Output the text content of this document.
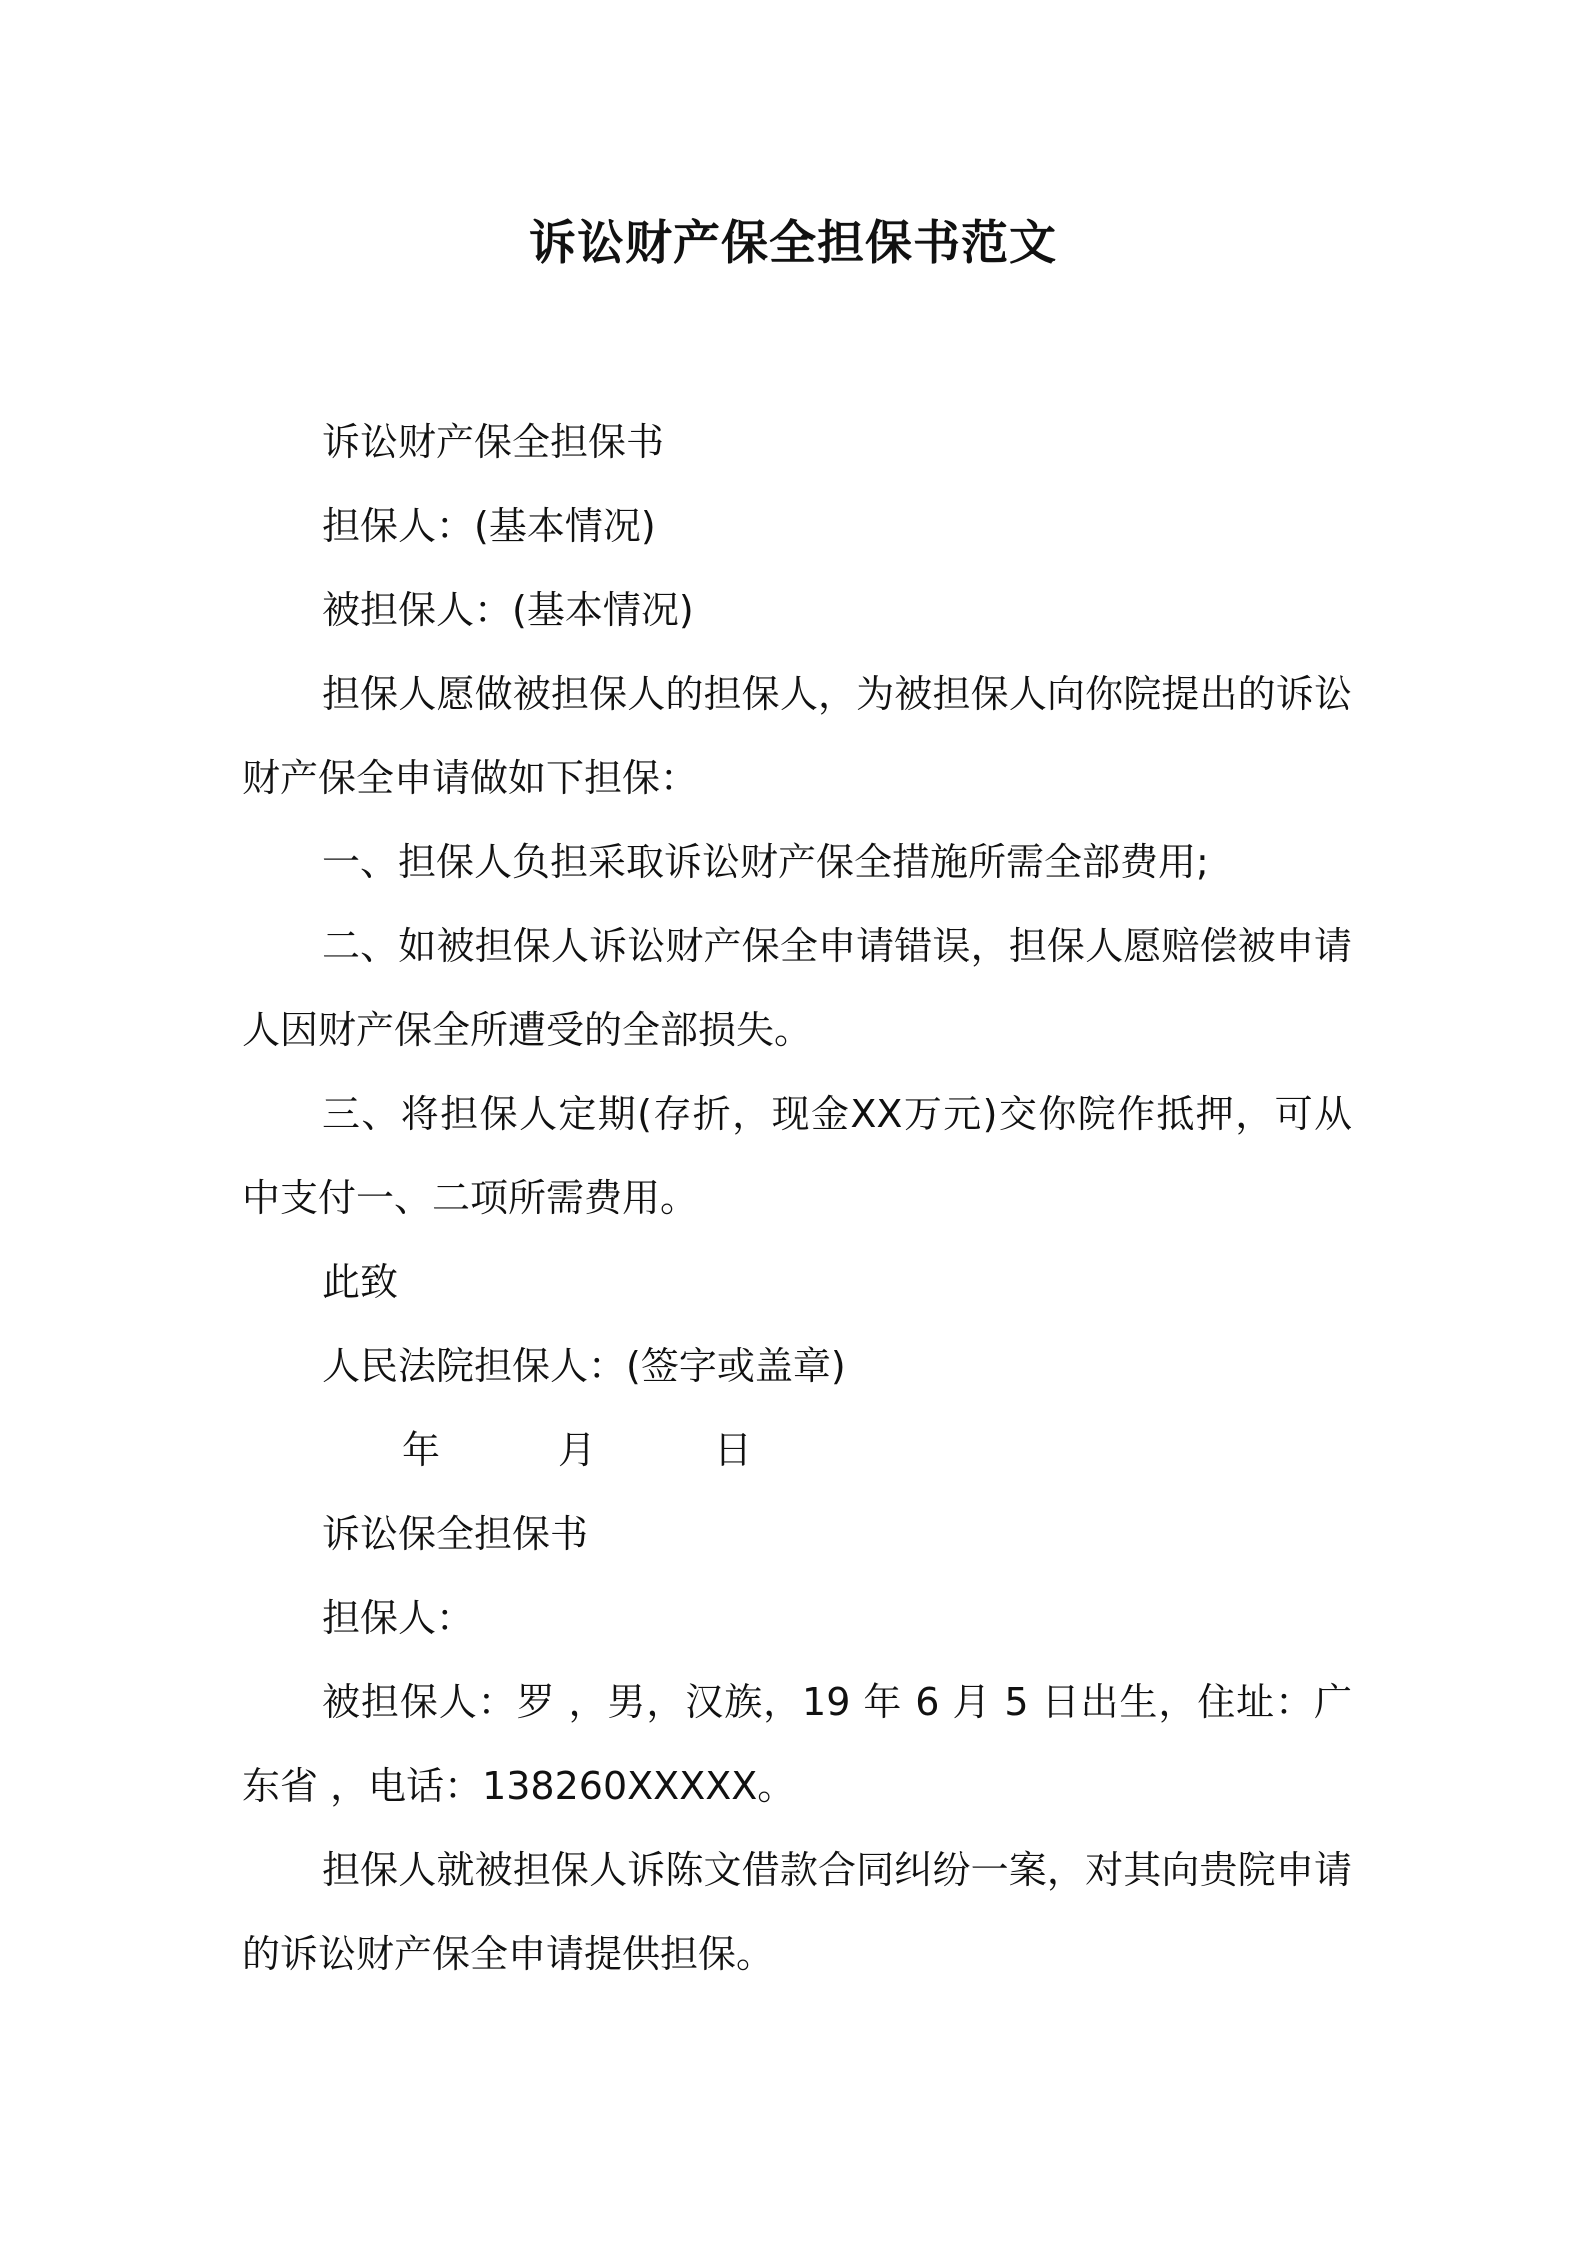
诉讼财产保全担保书范文

诉讼财产保全担保书

担保人：(基本情况)

被担保人：(基本情况)

担保人愿做被担保人的担保人，为被担保人向你院提出的诉讼财产保全申请做如下担保：

一、担保人负担采取诉讼财产保全措施所需全部费用;

二、如被担保人诉讼财产保全申请错误，担保人愿赔偿被申请人因财产保全所遭受的全部损失。

三、将担保人定期(存折，现金XX万元)交你院作抵押，可从中支付一、二项所需费用。

此致

人民法院担保人：(签字或盖章)

年	月	日

诉讼保全担保书

担保人：

被担保人：罗 ，男，汉族，19 年 6 月 5 日出生，住址：广东省 ，电话：138260XXXXX。

担保人就被担保人诉陈文借款合同纠纷一案，对其向贵院申请的诉讼财产保全申请提供担保。
